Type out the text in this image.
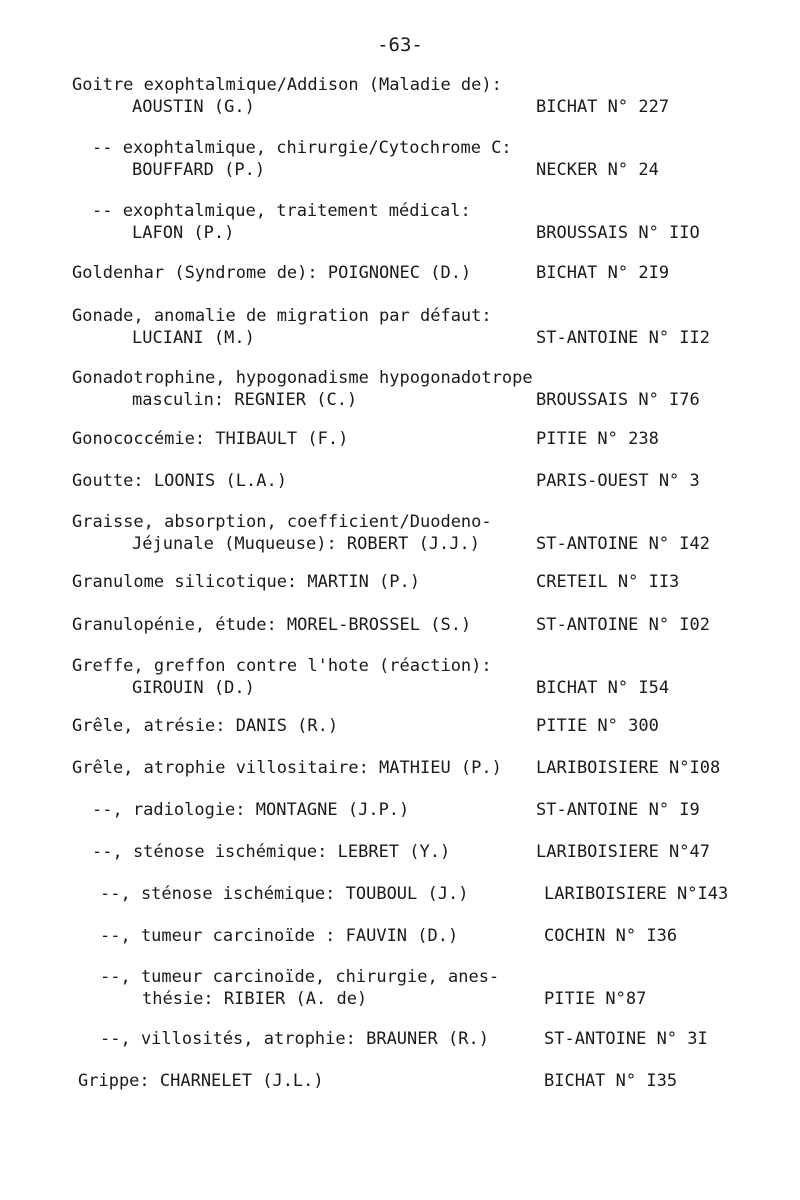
-63-
Goitre exophtalmique/Addison (Maladie de):
AOUSTIN (G.)	BICHAT N° 227
-- exophtalmique, chirurgie/Cytochrome C:
BOUFFARD (P.)	NECKER N° 24
-- exophtalmique, traitement médical:
LAFON (P.)	BROUSSAIS N° IIO
Goldenhar (Syndrome de): POIGNONEC (D.)	BICHAT N° 2I9
Gonade, anomalie de migration par défaut:
LUCIANI (M.)	ST-ANTOINE N° II2
Gonadotrophine, hypogonadisme hypogonadotrope
masculin: REGNIER (C.)	BROUSSAIS N° I76
Gonococcémie: THIBAULT (F.)	PITIE N° 238
Goutte: LOONIS (L.A.)	PARIS-OUEST N° 3
Graisse, absorption, coefficient/Duodeno-
Jéjunale (Muqueuse): ROBERT (J.J.)	ST-ANTOINE N° I42
Granulome silicotique: MARTIN (P.)	CRETEIL N° II3
Granulopénie, étude: MOREL-BROSSEL (S.)	ST-ANTOINE N° I02
Greffe, greffon contre l'hote (réaction):
GIROUIN (D.)	BICHAT N° I54
Grêle, atrésie: DANIS (R.)	PITIE N° 300
Grêle, atrophie villositaire: MATHIEU (P.) LARIBOISIERE N°I08
--, radiologie: MONTAGNE (J.P.)	ST-ANTOINE N° I9
--, sténose ischémique: LEBRET (Y.)	LARIBOISIERE N°47
--, sténose ischémique: TOUBOUL (J.)	LARIBOISIERE N°I43
--, tumeur carcinoïde : FAUVIN (D.)	COCHIN N° I36
--, tumeur carcinoïde, chirurgie, anes-
thésie: RIBIER (A. de)	PITIE N°87
--, villosités, atrophie: BRAUNER (R.)	ST-ANTOINE N° 3I
Grippe: CHARNELET (J.L.)	BICHAT N° I35
